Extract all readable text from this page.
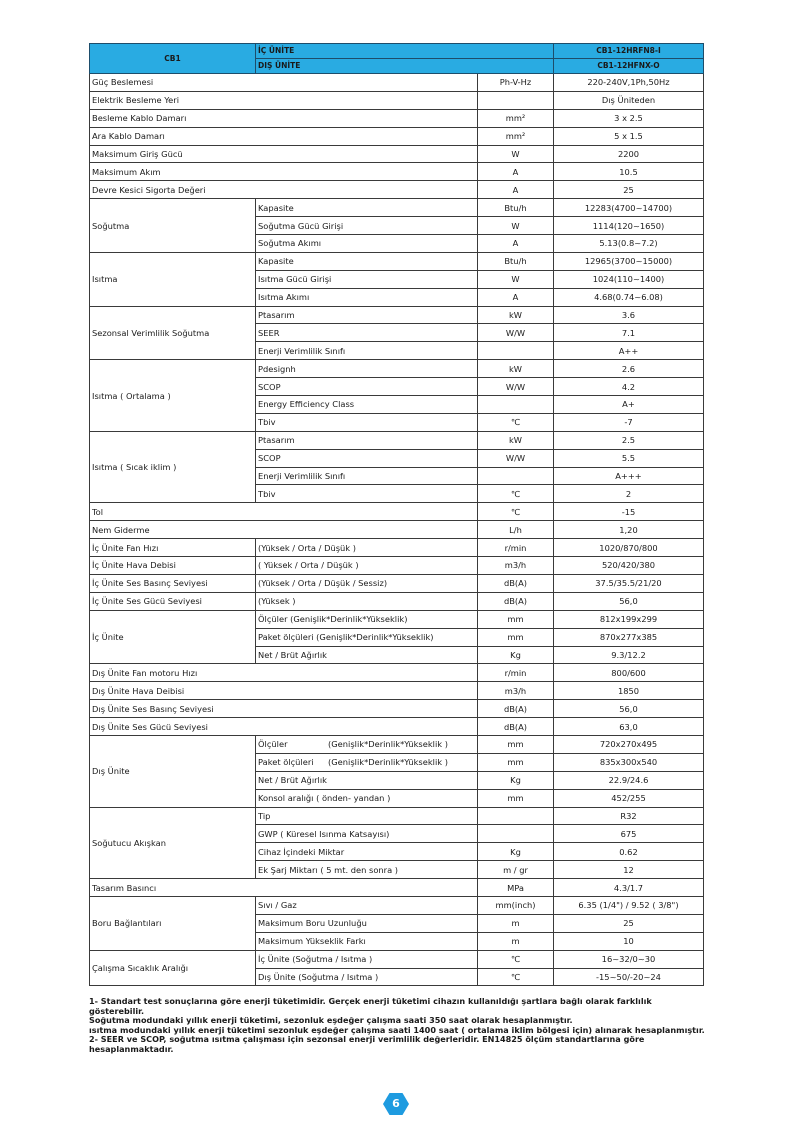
CB1	İÇ ÜNİTE		CB1-12HRFN8-I
	DIŞ ÜNİTE		CB1-12HFNX-O
Güç Beslemesi		Ph-V-Hz	220-240V,1Ph,50Hz
Elektrik Besleme Yeri			Dış Üniteden
Besleme Kablo Damarı		mm²	3 x 2.5
Ara Kablo Damarı		mm²	5 x 1.5
Maksimum Giriş Gücü		W	2200
Maksimum Akım		A	10.5
Devre Kesici Sigorta Değeri		A	25
Soğutma	Kapasite	Btu/h	12283(4700~14700)
	Soğutma Gücü Girişi	W	1114(120~1650)
	Soğutma Akımı	A	5.13(0.8~7.2)
Isıtma	Kapasite	Btu/h	12965(3700~15000)
	Isıtma Gücü Girişi	W	1024(110~1400)
	Isıtma Akımı	A	4.68(0.74~6.08)
Sezonsal Verimlilik Soğutma	Ptasarım	kW	3.6
	SEER	W/W	7.1
	Enerji Verimlilik Sınıfı		A++
Isıtma ( Ortalama )	Pdesignh	kW	2.6
	SCOP	W/W	4.2
	Energy Efficiency Class		A+
	Tbiv	℃	-7
Isıtma ( Sıcak iklim )	Ptasarım	kW	2.5
	SCOP	W/W	5.5
	Enerji Verimlilik Sınıfı		A+++
	Tbiv	℃	2
Tol		℃	-15
Nem Giderme		L/h	1,20
İç Ünite Fan Hızı	(Yüksek / Orta / Düşük )	r/min	1020/870/800
İç Ünite Hava Debisi	( Yüksek / Orta / Düşük )	m3/h	520/420/380
İç Ünite Ses Basınç Seviyesi	(Yüksek / Orta / Düşük / Sessiz)	dB(A)	37.5/35.5/21/20
İç Ünite Ses Gücü Seviyesi	(Yüksek )	dB(A)	56,0
İç Ünite	Ölçüler (Genişlik*Derinlik*Yükseklik)	mm	812x199x299
	Paket ölçüleri (Genişlik*Derinlik*Yükseklik)	mm	870x277x385
	Net / Brüt Ağırlık	Kg	9.3/12.2
Dış Ünite Fan motoru Hızı		r/min	800/600
Dış Ünite Hava Deibisi		m3/h	1850
Dış Ünite Ses Basınç Seviyesi		dB(A)	56,0
Dış Ünite Ses Gücü Seviyesi		dB(A)	63,0
Dış Ünite	Ölçüler (Genişlik*Derinlik*Yükseklik )	mm	720x270x495
	Paket ölçüleri (Genişlik*Derinlik*Yükseklik )	mm	835x300x540
	Net / Brüt Ağırlık	Kg	22.9/24.6
	Konsol aralığı ( önden- yandan )	mm	452/255
Soğutucu Akışkan	Tip		R32
	GWP ( Küresel Isınma Katsayısı)		675
	Cihaz İçindeki Miktar	Kg	0.62
	Ek Şarj Miktarı ( 5 mt. den sonra )	m / gr	12
Tasarım Basıncı		MPa	4.3/1.7
Boru Bağlantıları	Sıvı / Gaz	mm(inch)	6.35 (1/4") / 9.52 ( 3/8")
	Maksimum Boru Uzunluğu	m	25
	Maksimum Yükseklik Farkı	m	10
Çalışma Sıcaklık Aralığı	İç Ünite (Soğutma / Isıtma )	℃	16~32/0~30
	Dış Ünite (Soğutma / Isıtma )	℃	-15~50/-20~24
1- Standart test sonuçlarına göre enerji tüketimidir. Gerçek enerji tüketimi cihazın kullanıldığı şartlara bağlı olarak farklılık gösterebilir.
Soğutma modundaki yıllık enerji tüketimi, sezonluk eşdeğer çalışma saati 350 saat olarak hesaplanmıştır.
ısıtma modundaki yıllık enerji tüketimi sezonluk eşdeğer çalışma saati 1400 saat ( ortalama iklim bölgesi için) alınarak hesaplanmıştır.
2- SEER ve SCOP, soğutma ısıtma çalışması için sezonsal enerji verimlilik değerleridir. EN14825 ölçüm standartlarına göre hesaplanmaktadır.
6
